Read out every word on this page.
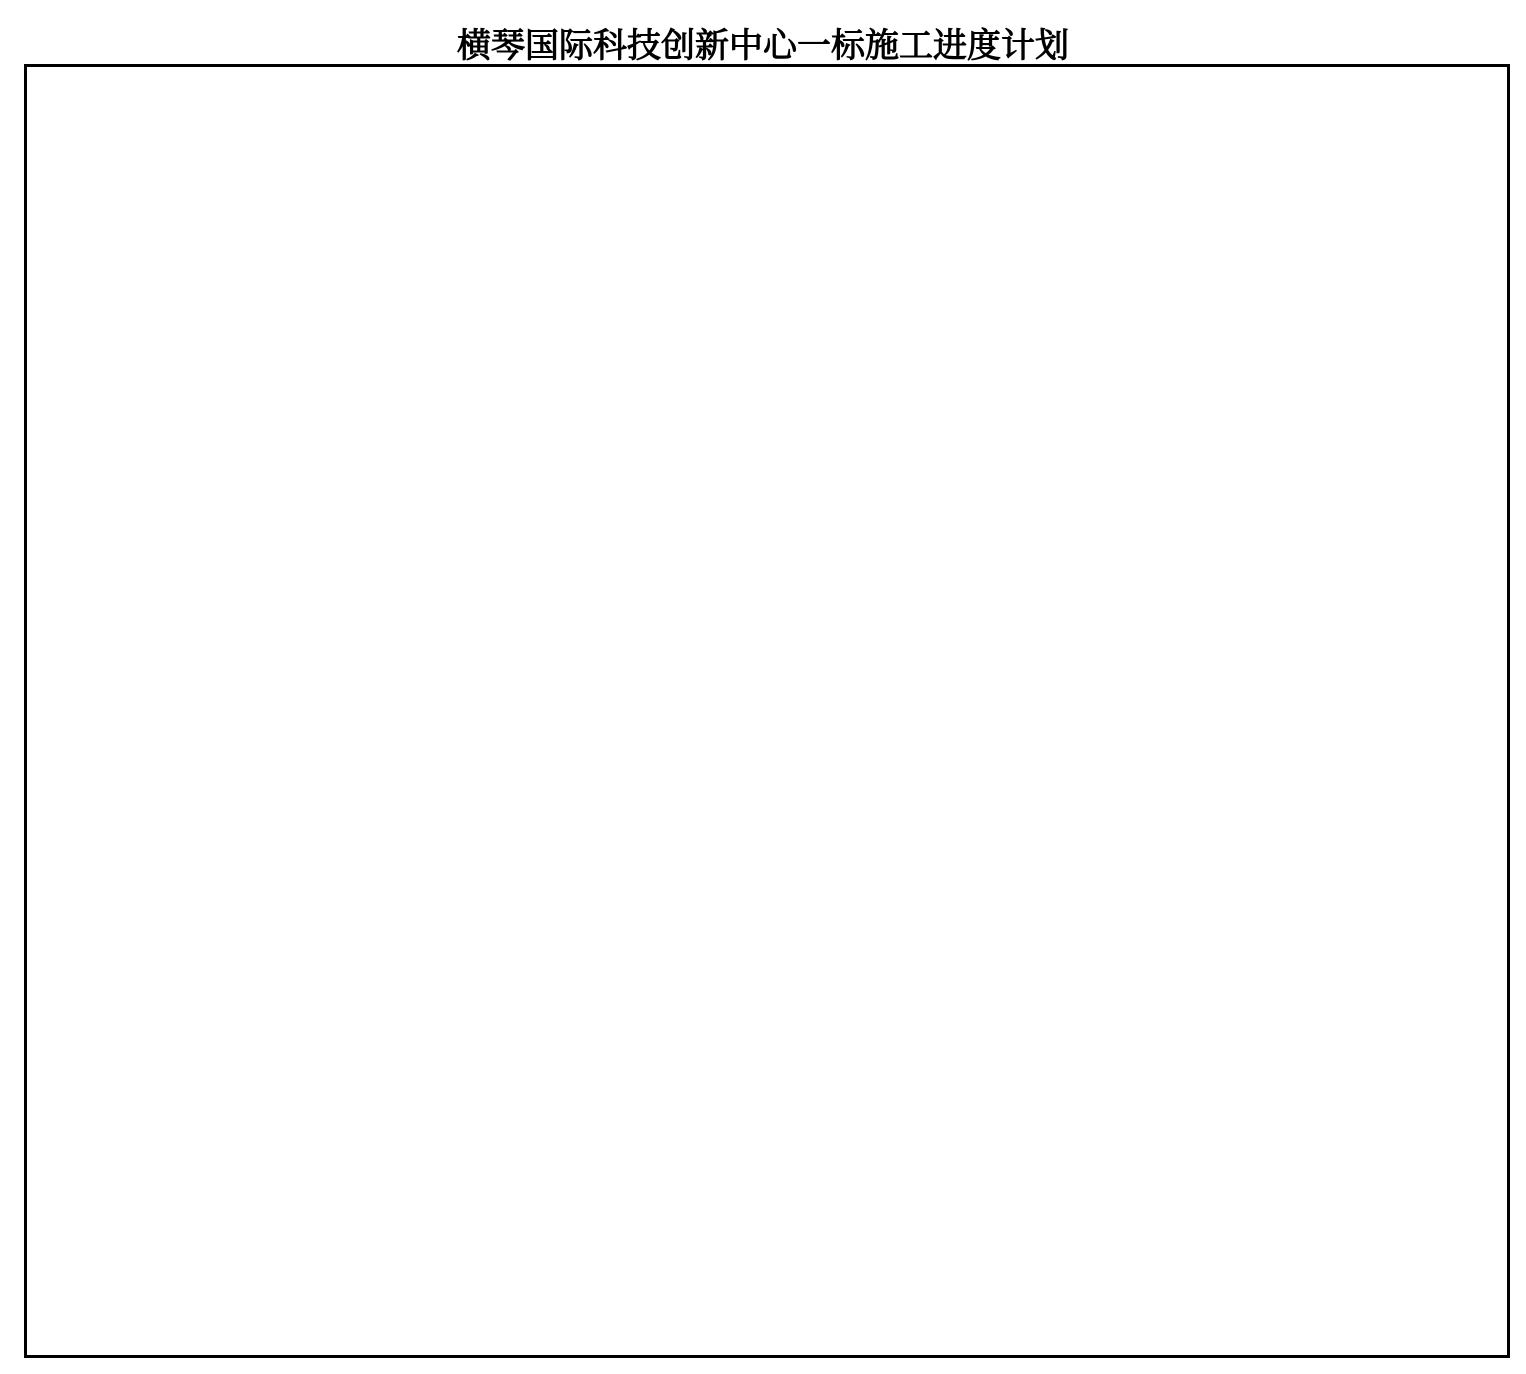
横琴国际科技创新中心一标施工进度计划
